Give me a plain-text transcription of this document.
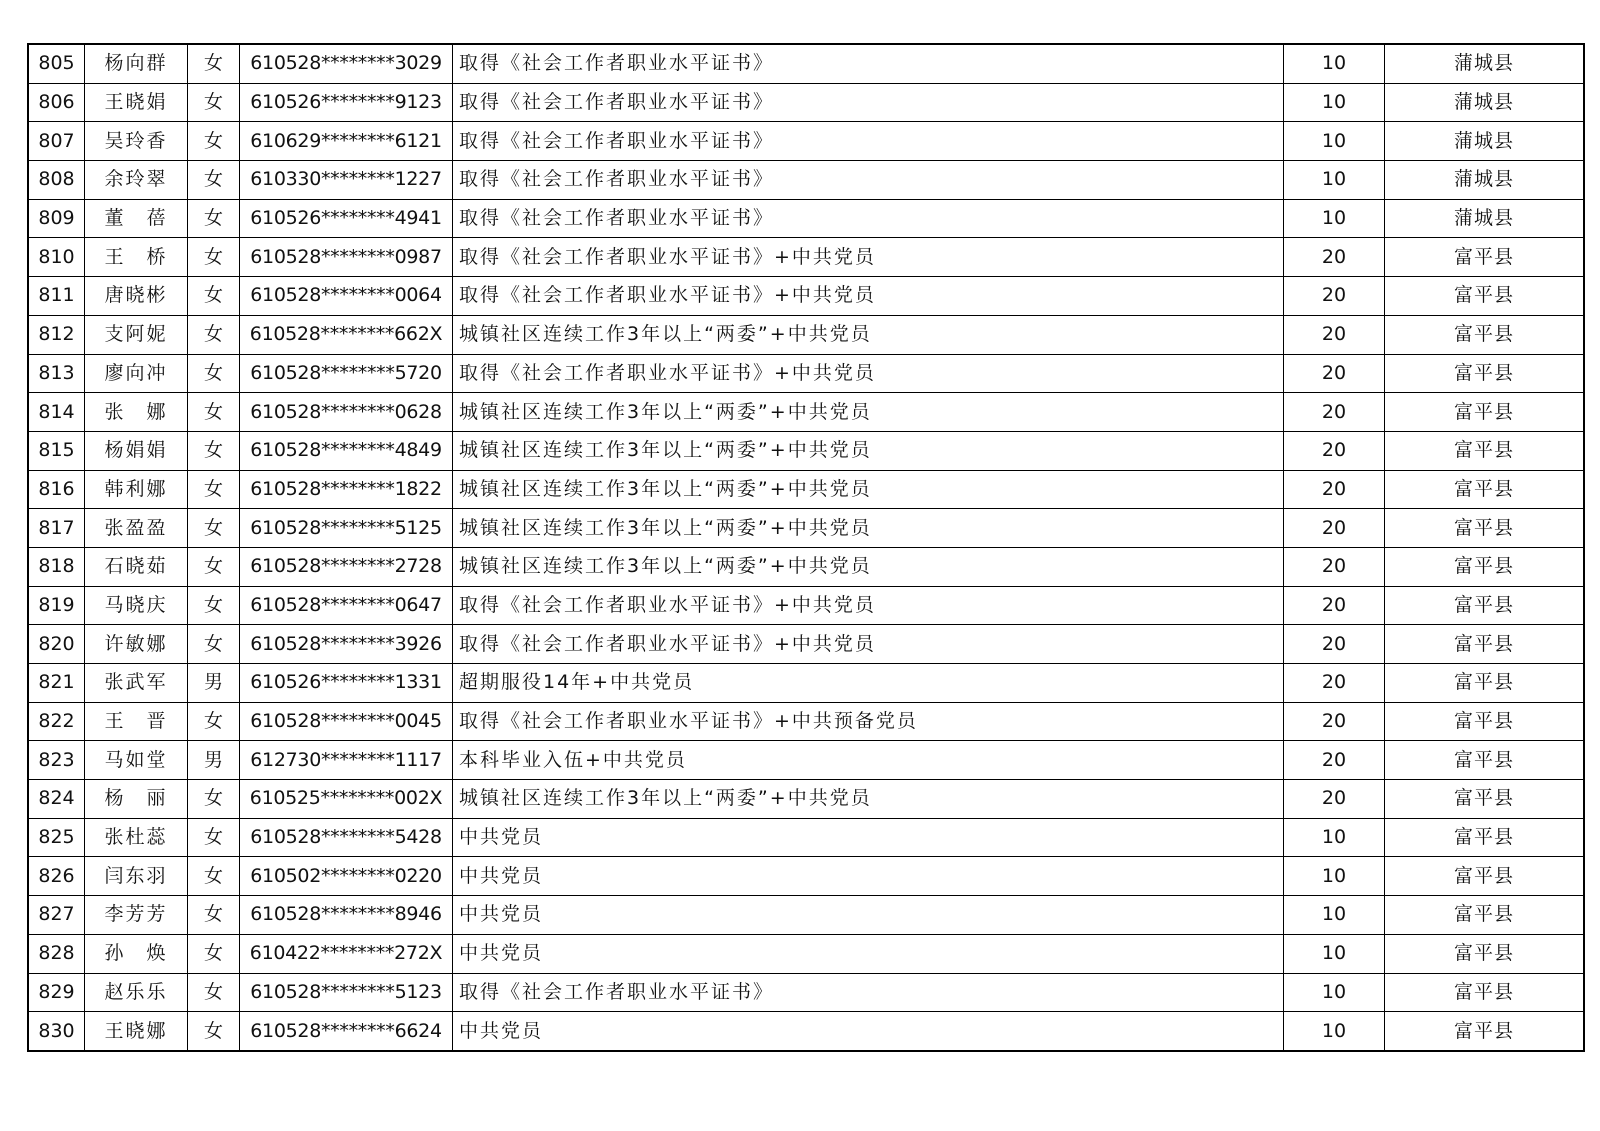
805	杨向群	女	610528********3029	取得《社会工作者职业水平证书》	10	蒲城县
806	王晓娟	女	610526********9123	取得《社会工作者职业水平证书》	10	蒲城县
807	吴玲香	女	610629********6121	取得《社会工作者职业水平证书》	10	蒲城县
808	余玲翠	女	610330********1227	取得《社会工作者职业水平证书》	10	蒲城县
809	董　蓓	女	610526********4941	取得《社会工作者职业水平证书》	10	蒲城县
810	王　桥	女	610528********0987	取得《社会工作者职业水平证书》+中共党员	20	富平县
811	唐晓彬	女	610528********0064	取得《社会工作者职业水平证书》+中共党员	20	富平县
812	支阿妮	女	610528********662X	城镇社区连续工作3年以上“两委”+中共党员	20	富平县
813	廖向冲	女	610528********5720	取得《社会工作者职业水平证书》+中共党员	20	富平县
814	张　娜	女	610528********0628	城镇社区连续工作3年以上“两委”+中共党员	20	富平县
815	杨娟娟	女	610528********4849	城镇社区连续工作3年以上“两委”+中共党员	20	富平县
816	韩利娜	女	610528********1822	城镇社区连续工作3年以上“两委”+中共党员	20	富平县
817	张盈盈	女	610528********5125	城镇社区连续工作3年以上“两委”+中共党员	20	富平县
818	石晓茹	女	610528********2728	城镇社区连续工作3年以上“两委”+中共党员	20	富平县
819	马晓庆	女	610528********0647	取得《社会工作者职业水平证书》+中共党员	20	富平县
820	许敏娜	女	610528********3926	取得《社会工作者职业水平证书》+中共党员	20	富平县
821	张武军	男	610526********1331	超期服役14年+中共党员	20	富平县
822	王　晋	女	610528********0045	取得《社会工作者职业水平证书》+中共预备党员	20	富平县
823	马如堂	男	612730********1117	本科毕业入伍+中共党员	20	富平县
824	杨　丽	女	610525********002X	城镇社区连续工作3年以上“两委”+中共党员	20	富平县
825	张杜蕊	女	610528********5428	中共党员	10	富平县
826	闫东羽	女	610502********0220	中共党员	10	富平县
827	李芳芳	女	610528********8946	中共党员	10	富平县
828	孙　焕	女	610422********272X	中共党员	10	富平县
829	赵乐乐	女	610528********5123	取得《社会工作者职业水平证书》	10	富平县
830	王晓娜	女	610528********6624	中共党员	10	富平县
